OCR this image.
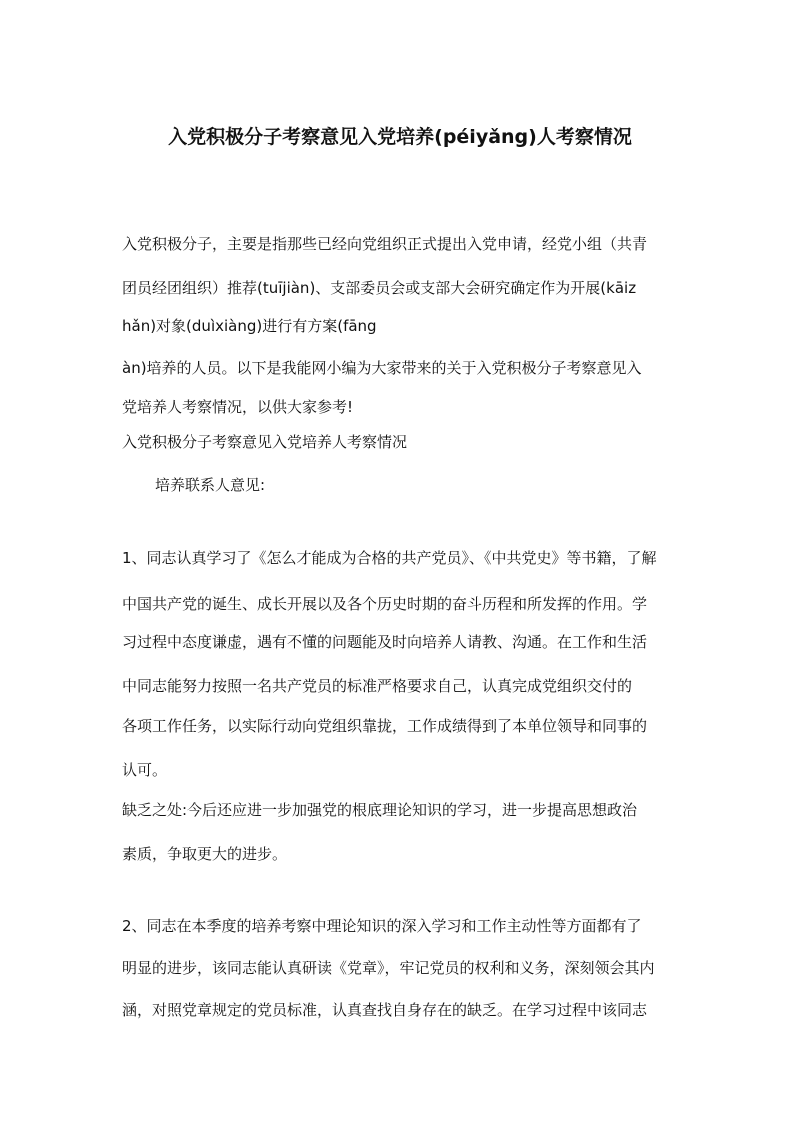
入党积极分子考察意见入党培养(péiyǎng)人考察情况
入党积极分子，主要是指那些已经向党组织正式提出入党申请，经党小组（共青
团员经团组织）推荐(tuījiàn)、支部委员会或支部大会研究确定作为开展(kāiz
hǎn)对象(duìxiàng)进行有方案(fāng
àn)培养的人员。以下是我能网小编为大家带来的关于入党积极分子考察意见入
党培养人考察情况，以供大家参考!
入党积极分子考察意见入党培养人考察情况
培养联系人意见:
1、同志认真学习了《怎么才能成为合格的共产党员》、《中共党史》等书籍，了解
中国共产党的诞生、成长开展以及各个历史时期的奋斗历程和所发挥的作用。学
习过程中态度谦虚，遇有不懂的问题能及时向培养人请教、沟通。在工作和生活
中同志能努力按照一名共产党员的标准严格要求自己，认真完成党组织交付的
各项工作任务，以实际行动向党组织靠拢，工作成绩得到了本单位领导和同事的
认可。
缺乏之处:今后还应进一步加强党的根底理论知识的学习，进一步提高思想政治
素质，争取更大的进步。
2、同志在本季度的培养考察中理论知识的深入学习和工作主动性等方面都有了
明显的进步，该同志能认真研读《党章》，牢记党员的权利和义务，深刻领会其内
涵，对照党章规定的党员标准，认真查找自身存在的缺乏。在学习过程中该同志
